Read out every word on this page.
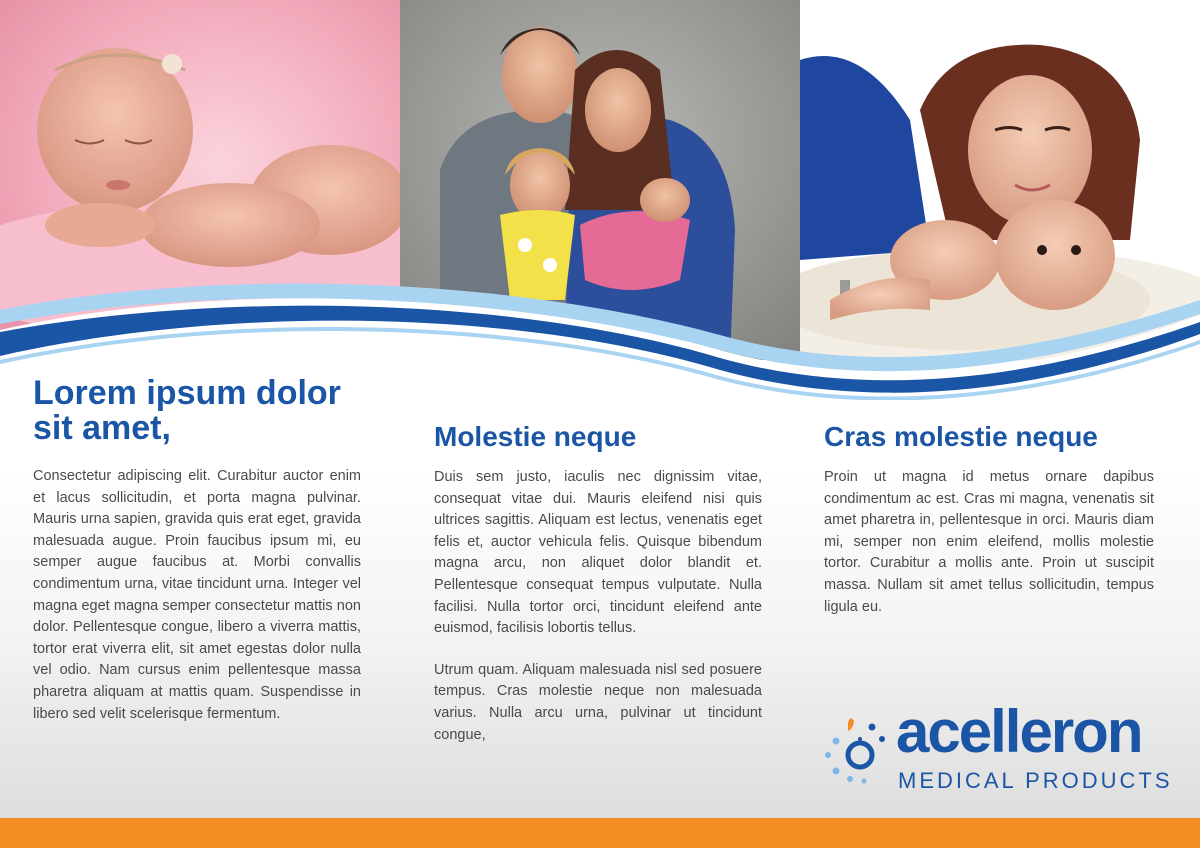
Lorem ipsum dolor sit amet,

Consectetur adipiscing elit. Curabitur auctor enim et lacus sollicitudin, et porta magna pulvinar. Mauris urna sapien, gravida quis erat eget, gravida malesuada augue. Proin faucibus ipsum mi, eu semper augue faucibus at. Morbi convallis condimentum urna, vitae tincidunt urna. Integer vel magna eget magna semper consectetur mattis non dolor. Pellentesque congue, libero a viverra mattis, tortor erat viverra elit, sit amet egestas dolor nulla vel odio. Nam cursus enim pellentesque massa pharetra aliquam at mattis quam. Suspendisse in libero sed velit scelerisque fermentum.

Molestie neque

Duis sem justo, iaculis nec dignissim vitae, consequat vitae dui. Mauris eleifend nisi quis ultrices sagittis. Aliquam est lectus, venenatis eget felis et, auctor vehicula felis. Quisque bibendum magna arcu, non aliquet dolor blandit et. Pellentesque consequat tempus vulputate. Nulla facilisi. Nulla tortor orci, tincidunt eleifend ante euismod, facilisis lobortis tellus.

Utrum quam. Aliquam malesuada nisl sed posuere tempus. Cras molestie neque non malesuada varius. Nulla arcu urna, pulvinar ut tincidunt congue,

Cras molestie neque

Proin ut magna id metus ornare dapibus condimentum ac est. Cras mi magna, venenatis sit amet pharetra in, pellentesque in orci. Mauris diam mi, semper non enim eleifend, mollis molestie tortor. Curabitur a mollis ante. Proin ut suscipit massa. Nullam sit amet tellus sollicitudin, tempus ligula eu.

acelleron
MEDICAL PRODUCTS
